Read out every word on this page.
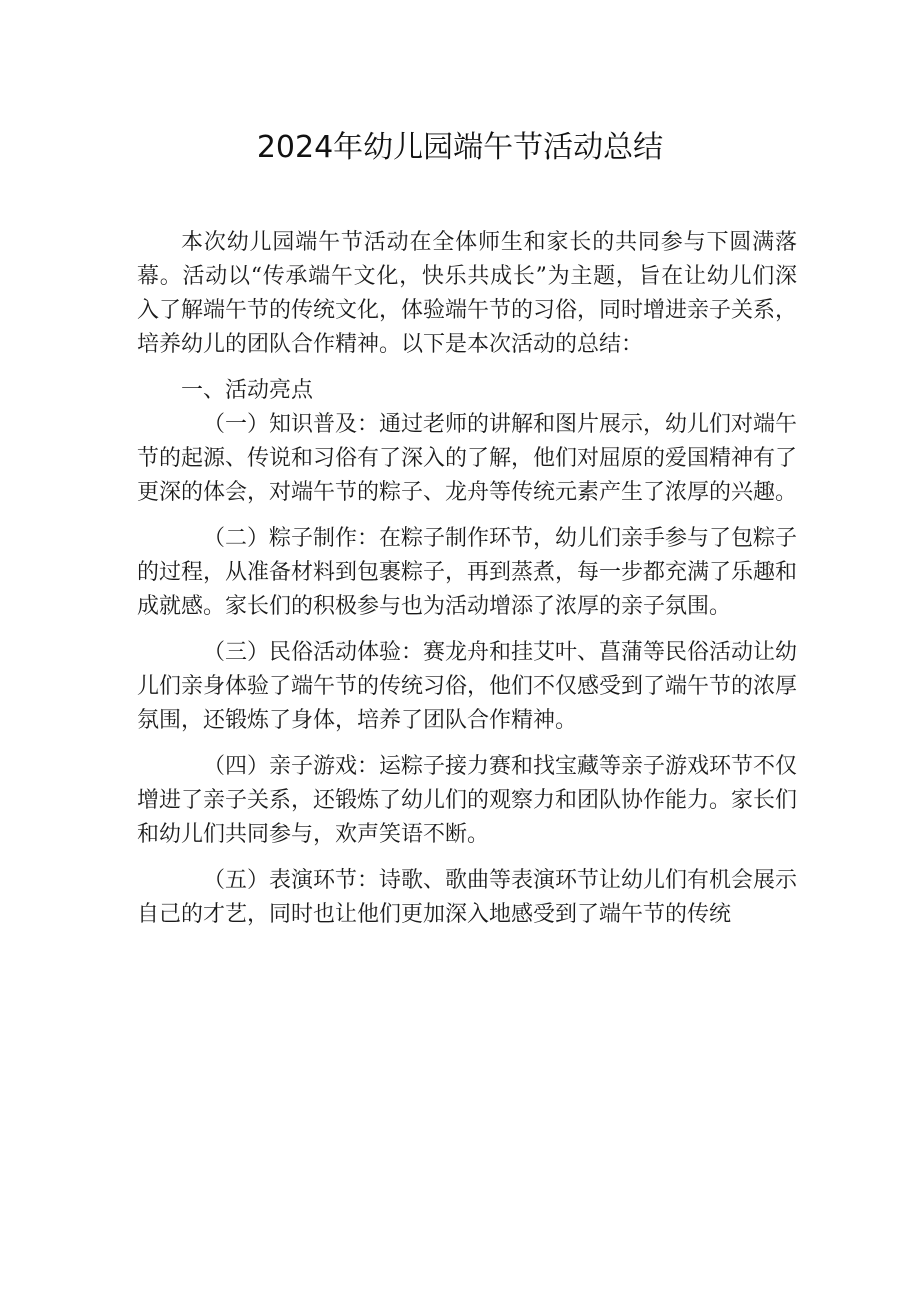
2024年幼儿园端午节活动总结

本次幼儿园端午节活动在全体师生和家长的共同参与下圆满落幕。活动以“传承端午文化，快乐共成长”为主题，旨在让幼儿们深入了解端午节的传统文化，体验端午节的习俗，同时增进亲子关系，培养幼儿的团队合作精神。以下是本次活动的总结：

一、活动亮点

（一）知识普及：通过老师的讲解和图片展示，幼儿们对端午节的起源、传说和习俗有了深入的了解，他们对屈原的爱国精神有了更深的体会，对端午节的粽子、龙舟等传统元素产生了浓厚的兴趣。

（二）粽子制作：在粽子制作环节，幼儿们亲手参与了包粽子的过程，从准备材料到包裹粽子，再到蒸煮，每一步都充满了乐趣和成就感。家长们的积极参与也为活动增添了浓厚的亲子氛围。

（三）民俗活动体验：赛龙舟和挂艾叶、菖蒲等民俗活动让幼儿们亲身体验了端午节的传统习俗，他们不仅感受到了端午节的浓厚氛围，还锻炼了身体，培养了团队合作精神。

（四）亲子游戏：运粽子接力赛和找宝藏等亲子游戏环节不仅增进了亲子关系，还锻炼了幼儿们的观察力和团队协作能力。家长们和幼儿们共同参与，欢声笑语不断。

（五）表演环节：诗歌、歌曲等表演环节让幼儿们有机会展示自己的才艺，同时也让他们更加深入地感受到了端午节的传统
